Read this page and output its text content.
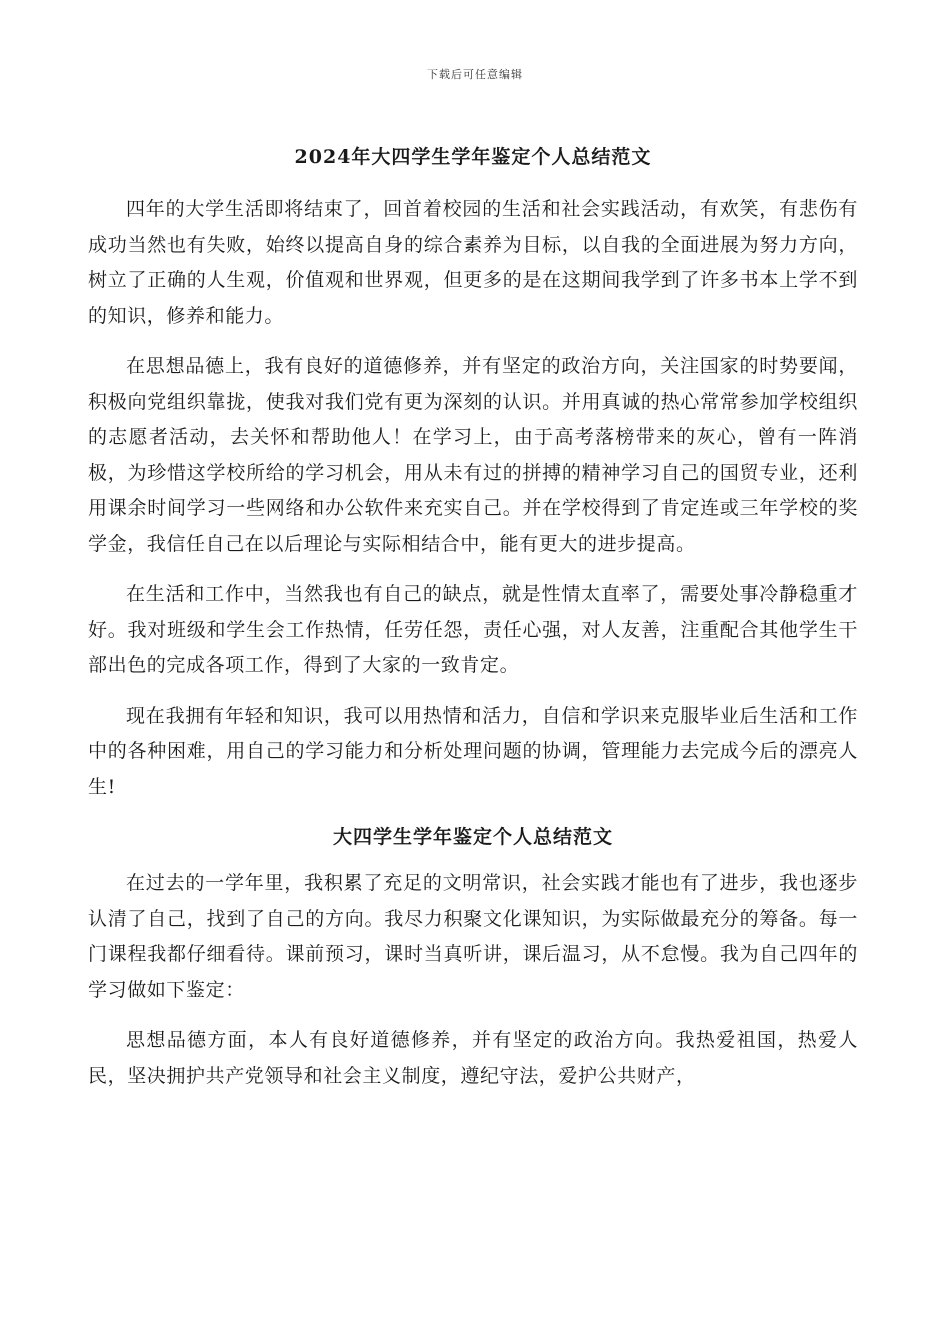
下载后可任意编辑
2024年大四学生学年鉴定个人总结范文

四年的大学生活即将结束了，回首着校园的生活和社会实践活动，有欢笑，有悲伤有成功当然也有失败，始终以提高自身的综合素养为目标，以自我的全面进展为努力方向，树立了正确的人生观，价值观和世界观，但更多的是在这期间我学到了许多书本上学不到的知识，修养和能力。

在思想品德上，我有良好的道德修养，并有坚定的政治方向，关注国家的时势要闻，积极向党组织靠拢，使我对我们党有更为深刻的认识。并用真诚的热心常常参加学校组织的志愿者活动，去关怀和帮助他人！在学习上，由于高考落榜带来的灰心，曾有一阵消极，为珍惜这学校所给的学习机会，用从未有过的拼搏的精神学习自己的国贸专业，还利用课余时间学习一些网络和办公软件来充实自己。并在学校得到了肯定连或三年学校的奖学金，我信任自己在以后理论与实际相结合中，能有更大的进步提高。

在生活和工作中，当然我也有自己的缺点，就是性情太直率了，需要处事冷静稳重才好。我对班级和学生会工作热情，任劳任怨，责任心强，对人友善，注重配合其他学生干部出色的完成各项工作，得到了大家的一致肯定。

现在我拥有年轻和知识，我可以用热情和活力，自信和学识来克服毕业后生活和工作中的各种困难，用自己的学习能力和分析处理问题的协调，管理能力去完成今后的漂亮人生!

大四学生学年鉴定个人总结范文

在过去的一学年里，我积累了充足的文明常识，社会实践才能也有了进步，我也逐步认清了自己，找到了自己的方向。我尽力积聚文化课知识，为实际做最充分的筹备。每一门课程我都仔细看待。课前预习，课时当真听讲，课后温习，从不怠慢。我为自己四年的学习做如下鉴定：

思想品德方面，本人有良好道德修养，并有坚定的政治方向。我热爱祖国，热爱人民，坚决拥护共产党领导和社会主义制度，遵纪守法，爱护公共财产，
